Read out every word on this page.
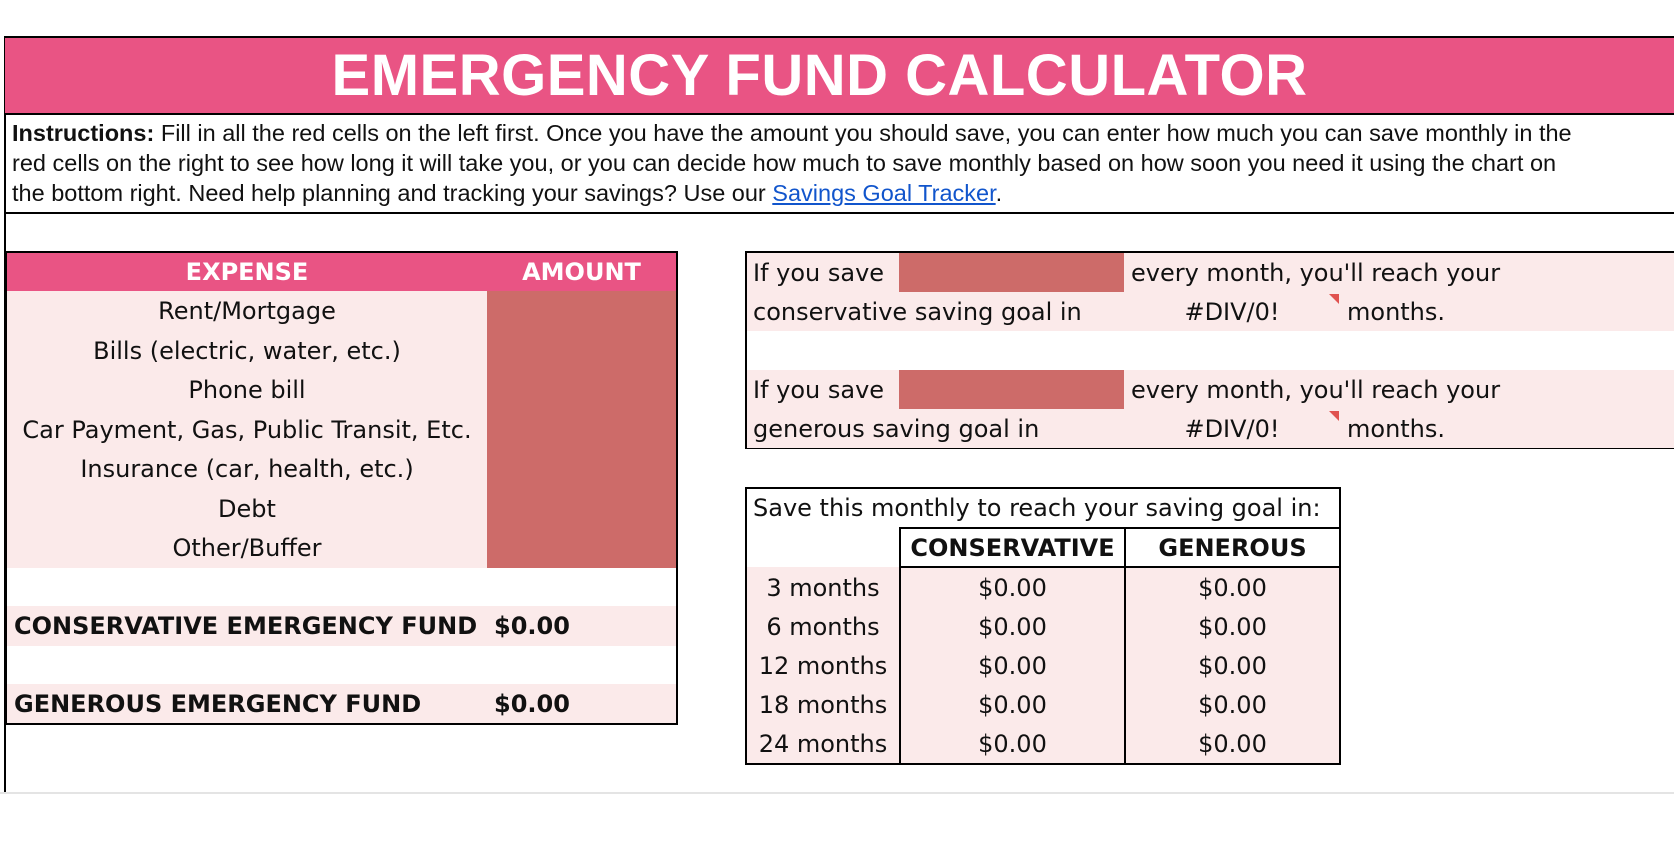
EMERGENCY FUND CALCULATOR
Instructions: Fill in all the red cells on the left first. Once you have the amount you should save, you can enter how much you can save monthly in the red cells on the right to see how long it will take you, or you can decide how much to save monthly based on how soon you need it using the chart on the bottom right. Need help planning and tracking your savings? Use our Savings Goal Tracker.
EXPENSE	AMOUNT
Rent/Mortgage
Bills (electric, water, etc.)
Phone bill
Car Payment, Gas, Public Transit, Etc.
Insurance (car, health, etc.)
Debt
Other/Buffer
CONSERVATIVE EMERGENCY FUND $0.00
GENEROUS EMERGENCY FUND	$0.00
If you save	every month, you'll reach your
conservative saving goal in	#DIV/0!	months.
If you save	every month, you'll reach your
generous saving goal in	#DIV/0!	months.
Save this monthly to reach your saving goal in:
CONSERVATIVE	GENEROUS
3 months	$0.00	$0.00
6 months	$0.00	$0.00
12 months	$0.00	$0.00
18 months	$0.00	$0.00
24 months	$0.00	$0.00
